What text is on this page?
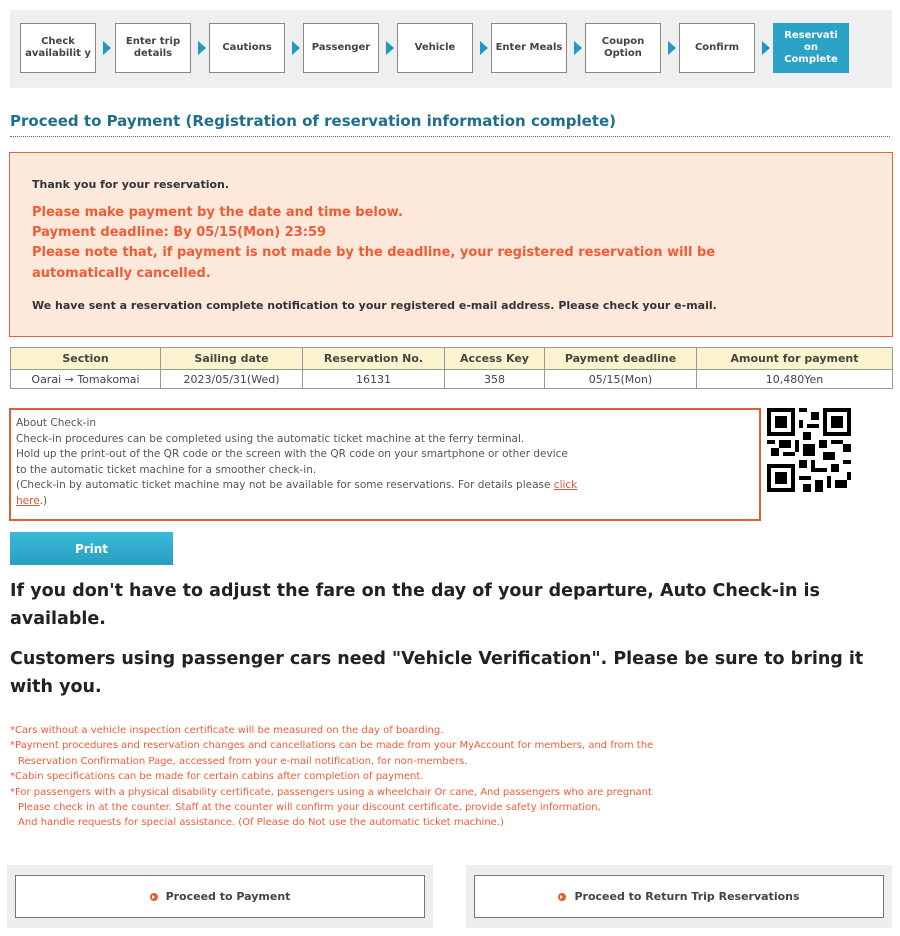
Check availabilit y
Enter trip details
Cautions	Passenger	Vehicle	Enter Meals
Coupon Option
Confirm
Reservati on Complete
Proceed to Payment (Registration of reservation information complete)
Thank you for your reservation.
Please make payment by the date and time below.
Payment deadline: By 05/15(Mon) 23:59
Please note that, if payment is not made by the deadline, your registered reservation will be
automatically cancelled.
We have sent a reservation complete notification to your registered e-mail address. Please check your e-mail.
Section	Sailing date	Reservation No.	Access Key	Payment deadline	Amount for payment
Oarai → Tomakomai	2023/05/31(Wed)	16131	358	05/15(Mon)	10,480Yen
About Check-in
Check-in procedures can be completed using the automatic ticket machine at the ferry terminal.
Hold up the print-out of the QR code or the screen with the QR code on your smartphone or other device
to the automatic ticket machine for a smoother check-in.
(Check-in by automatic ticket machine may not be available for some reservations. For details please click
here.)
Print
If you don't have to adjust the fare on the day of your departure, Auto Check-in is available.
Customers using passenger cars need "Vehicle Verification". Please be sure to bring it with you.
*Cars without a vehicle inspection certificate will be measured on the day of boarding.
*Payment procedures and reservation changes and cancellations can be made from your MyAccount for members, and from the
Reservation Confirmation Page, accessed from your e-mail notification, for non-members.
*Cabin specifications can be made for certain cabins after completion of payment.
*For passengers with a physical disability certificate, passengers using a wheelchair Or cane, And passengers who are pregnant
Please check in at the counter. Staff at the counter will confirm your discount certificate, provide safety information,
And handle requests for special assistance. (Of Please do Not use the automatic ticket machine.)
Proceed to Payment	Proceed to Return Trip Reservations
